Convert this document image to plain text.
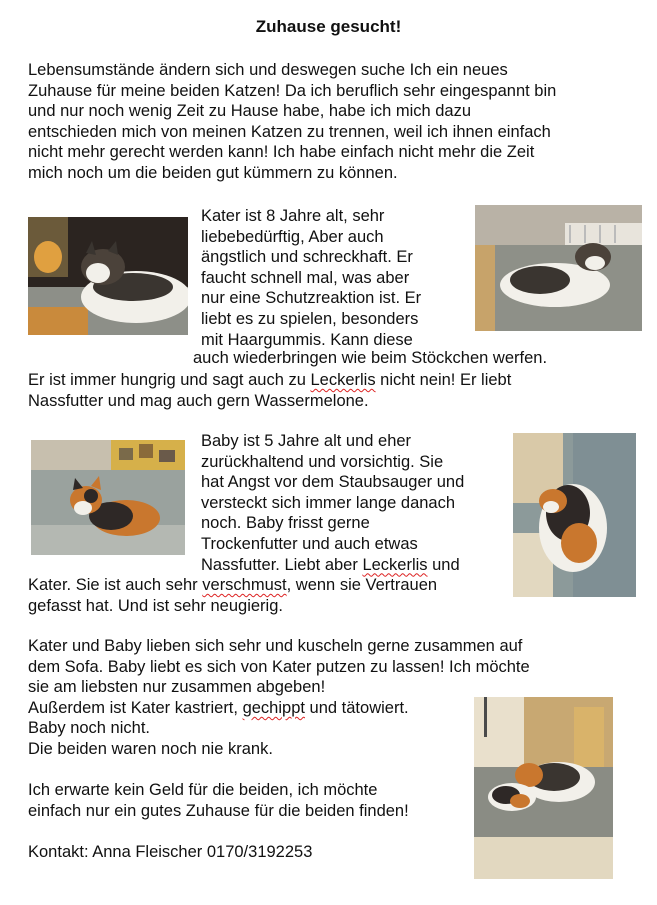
Zuhause gesucht!

Lebensumstände ändern sich und deswegen suche Ich ein neues

Zuhause für meine beiden Katzen! Da ich beruflich sehr eingespannt bin

und nur noch wenig Zeit zu Hause habe, habe ich mich dazu

entschieden mich von meinen Katzen zu trennen, weil ich ihnen einfach

nicht mehr gerecht werden kann! Ich habe einfach nicht mehr die Zeit

mich noch um die beiden gut kümmern zu können.

Kater ist 8 Jahre alt, sehr

liebebedürftig, Aber auch

ängstlich und schreckhaft. Er

faucht schnell mal, was aber

nur eine Schutzreaktion ist. Er

liebt es zu spielen, besonders

mit Haargummis. Kann diese

auch wiederbringen wie beim Stöckchen werfen.

Er ist immer hungrig und sagt auch zu Leckerlis nicht nein! Er liebt

Nassfutter und mag auch gern Wassermelone.

Baby ist 5 Jahre alt und eher

zurückhaltend und vorsichtig. Sie

hat Angst vor dem Staubsauger und

versteckt sich immer lange danach

noch. Baby frisst gerne

Trockenfutter und auch etwas

Nassfutter. Liebt aber Leckerlis und

Kater. Sie ist auch sehr verschmust, wenn sie Vertrauen

gefasst hat. Und ist sehr neugierig.

Kater und Baby lieben sich sehr und kuscheln gerne zusammen auf

dem Sofa. Baby liebt es sich von Kater putzen zu lassen! Ich möchte

sie am liebsten nur zusammen abgeben!

Außerdem ist Kater kastriert, gechippt und tätowiert.

Baby noch nicht.

Die beiden waren noch nie krank.

Ich erwarte kein Geld für die beiden, ich möchte

einfach nur ein gutes Zuhause für die beiden finden!

Kontakt: Anna Fleischer 0170/3192253
